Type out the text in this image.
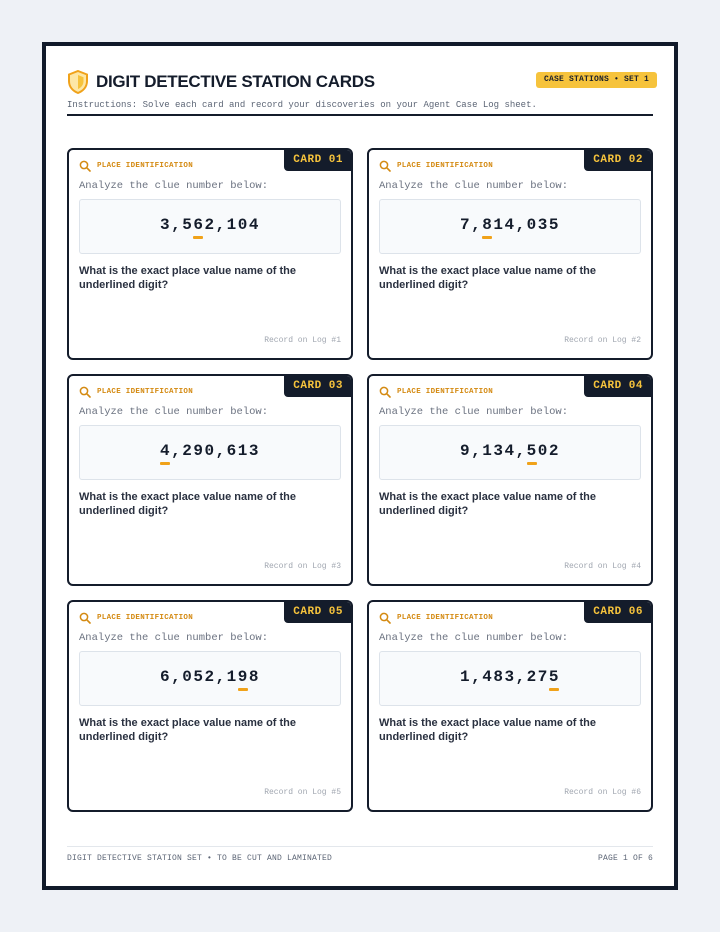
DIGIT DETECTIVE STATION CARDS	CASE STATIONS • SET 1
Instructions: Solve each card and record your discoveries on your Agent Case Log sheet.
CARD 01
PLACE IDENTIFICATION
Analyze the clue number below:
3,562,104
What is the exact place value name of the underlined digit?
Record on Log #1
CARD 02
PLACE IDENTIFICATION
Analyze the clue number below:
7,814,035
What is the exact place value name of the underlined digit?
Record on Log #2
CARD 03
PLACE IDENTIFICATION
Analyze the clue number below:
4,290,613
What is the exact place value name of the underlined digit?
Record on Log #3
CARD 04
PLACE IDENTIFICATION
Analyze the clue number below:
9,134,502
What is the exact place value name of the underlined digit?
Record on Log #4
CARD 05
PLACE IDENTIFICATION
Analyze the clue number below:
6,052,198
What is the exact place value name of the underlined digit?
Record on Log #5
CARD 06
PLACE IDENTIFICATION
Analyze the clue number below:
1,483,275
What is the exact place value name of the underlined digit?
Record on Log #6
DIGIT DETECTIVE STATION SET • TO BE CUT AND LAMINATED	PAGE 1 OF 6
